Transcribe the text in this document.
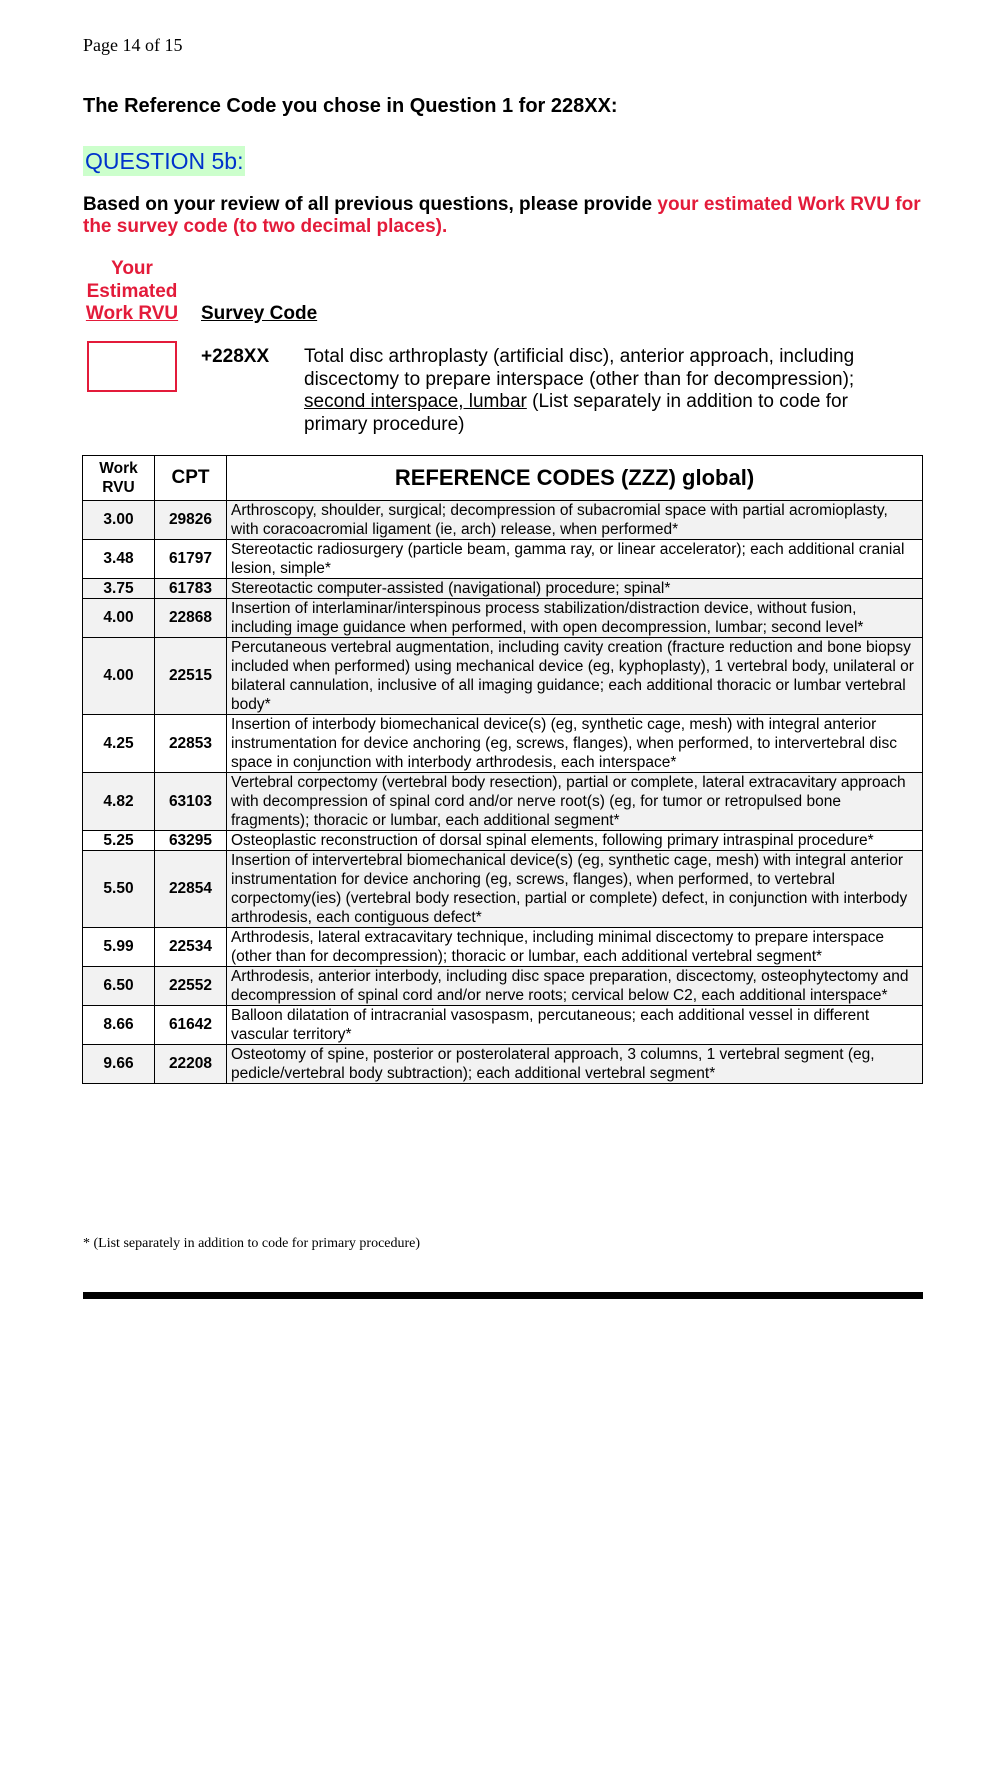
Page 14 of 15
The Reference Code you chose in Question 1 for 228XX:
QUESTION 5b:
Based on your review of all previous questions, please provide your estimated Work RVU for the survey code (to two decimal places).
Your
Estimated
Work RVU Survey Code
+228XX Total disc arthroplasty (artificial disc), anterior approach, including discectomy to prepare interspace (other than for decompression); second interspace, lumbar (List separately in addition to code for primary procedure)
Work
RVU	CPT	REFERENCE CODES (ZZZ) global)
3.00	29826	Arthroscopy, shoulder, surgical; decompression of subacromial space with partial acromioplasty, with coracoacromial ligament (ie, arch) release, when performed*
3.48	61797	Stereotactic radiosurgery (particle beam, gamma ray, or linear accelerator); each additional cranial lesion, simple*
3.75	61783	Stereotactic computer-assisted (navigational) procedure; spinal*
4.00	22868	Insertion of interlaminar/interspinous process stabilization/distraction device, without fusion, including image guidance when performed, with open decompression, lumbar; second level*
4.00	22515	Percutaneous vertebral augmentation, including cavity creation (fracture reduction and bone biopsy included when performed) using mechanical device (eg, kyphoplasty), 1 vertebral body, unilateral or bilateral cannulation, inclusive of all imaging guidance; each additional thoracic or lumbar vertebral body*
4.25	22853	Insertion of interbody biomechanical device(s) (eg, synthetic cage, mesh) with integral anterior instrumentation for device anchoring (eg, screws, flanges), when performed, to intervertebral disc space in conjunction with interbody arthrodesis, each interspace*
4.82	63103	Vertebral corpectomy (vertebral body resection), partial or complete, lateral extracavitary approach with decompression of spinal cord and/or nerve root(s) (eg, for tumor or retropulsed bone fragments); thoracic or lumbar, each additional segment*
5.25	63295	Osteoplastic reconstruction of dorsal spinal elements, following primary intraspinal procedure*
5.50	22854	Insertion of intervertebral biomechanical device(s) (eg, synthetic cage, mesh) with integral anterior instrumentation for device anchoring (eg, screws, flanges), when performed, to vertebral corpectomy(ies) (vertebral body resection, partial or complete) defect, in conjunction with interbody arthrodesis, each contiguous defect*
5.99	22534	Arthrodesis, lateral extracavitary technique, including minimal discectomy to prepare interspace (other than for decompression); thoracic or lumbar, each additional vertebral segment*
6.50	22552	Arthrodesis, anterior interbody, including disc space preparation, discectomy, osteophytectomy and decompression of spinal cord and/or nerve roots; cervical below C2, each additional interspace*
8.66	61642	Balloon dilatation of intracranial vasospasm, percutaneous; each additional vessel in different vascular territory*
9.66	22208	Osteotomy of spine, posterior or posterolateral approach, 3 columns, 1 vertebral segment (eg, pedicle/vertebral body subtraction); each additional vertebral segment*
* (List separately in addition to code for primary procedure)
